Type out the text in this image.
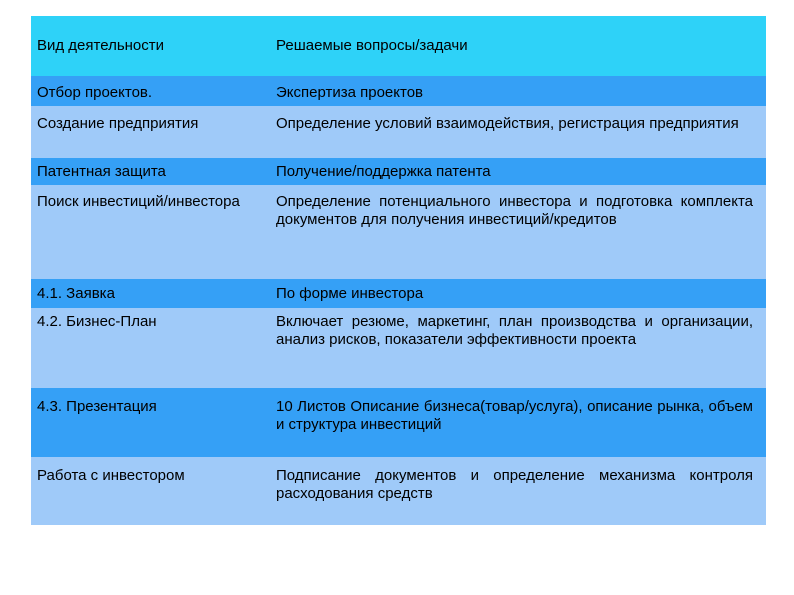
Вид деятельности	Решаемые вопросы/задачи
Отбор проектов.	Экспертиза проектов
Создание предприятия	Определение условий взаимодействия, регистрация предприятия
Патентная защита	Получение/поддержка патента
Поиск инвестиций/инвестора	Определение потенциального инвестора и подготовка комплекта документов для получения инвестиций/кредитов
4.1. Заявка	По форме инвестора
4.2. Бизнес-План	Включает резюме, маркетинг, план производства и организации, анализ рисков, показатели эффективности проекта
4.3. Презентация	10 Листов Описание бизнеса(товар/услуга), описание рынка, объем и структура инвестиций
Работа с инвестором	Подписание документов и определение механизма контроля расходования средств
